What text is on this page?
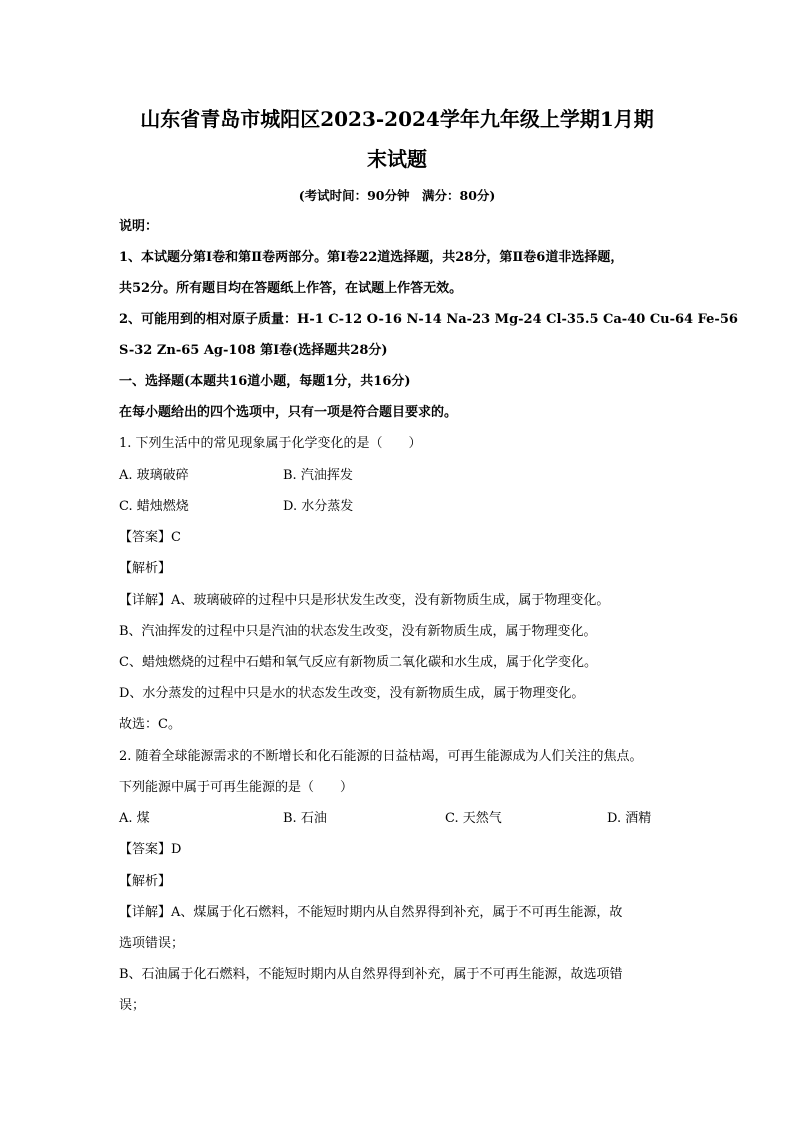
山东省青岛市城阳区2023-2024学年九年级上学期1月期
末试题
(考试时间：90分钟　满分：80分)
说明：
1、本试题分第Ⅰ卷和第Ⅱ卷两部分。第Ⅰ卷22道选择题，共28分，第Ⅱ卷6道非选择题，
共52分。所有题目均在答题纸上作答，在试题上作答无效。
2、可能用到的相对原子质量：H-1 C-12 O-16 N-14 Na-23 Mg-24 Cl-35.5 Ca-40 Cu-64 Fe-56
S-32 Zn-65 Ag-108 第Ⅰ卷(选择题共28分)
一、选择题(本题共16道小题，每题1分，共16分)
在每小题给出的四个选项中，只有一项是符合题目要求的。
1. 下列生活中的常见现象属于化学变化的是（　　）
A. 玻璃破碎	B. 汽油挥发
C. 蜡烛燃烧	D. 水分蒸发
【答案】C
【解析】
【详解】A、玻璃破碎的过程中只是形状发生改变，没有新物质生成，属于物理变化。
B、汽油挥发的过程中只是汽油的状态发生改变，没有新物质生成，属于物理变化。
C、蜡烛燃烧的过程中石蜡和氧气反应有新物质二氧化碳和水生成，属于化学变化。
D、水分蒸发的过程中只是水的状态发生改变，没有新物质生成，属于物理变化。
故选：C。
2. 随着全球能源需求的不断增长和化石能源的日益枯竭，可再生能源成为人们关注的焦点。
下列能源中属于可再生能源的是（　　）
A. 煤	B. 石油	C. 天然气	D. 酒精
【答案】D
【解析】
【详解】A、煤属于化石燃料，不能短时期内从自然界得到补充，属于不可再生能源，故
选项错误；
B、石油属于化石燃料，不能短时期内从自然界得到补充，属于不可再生能源，故选项错
误；
